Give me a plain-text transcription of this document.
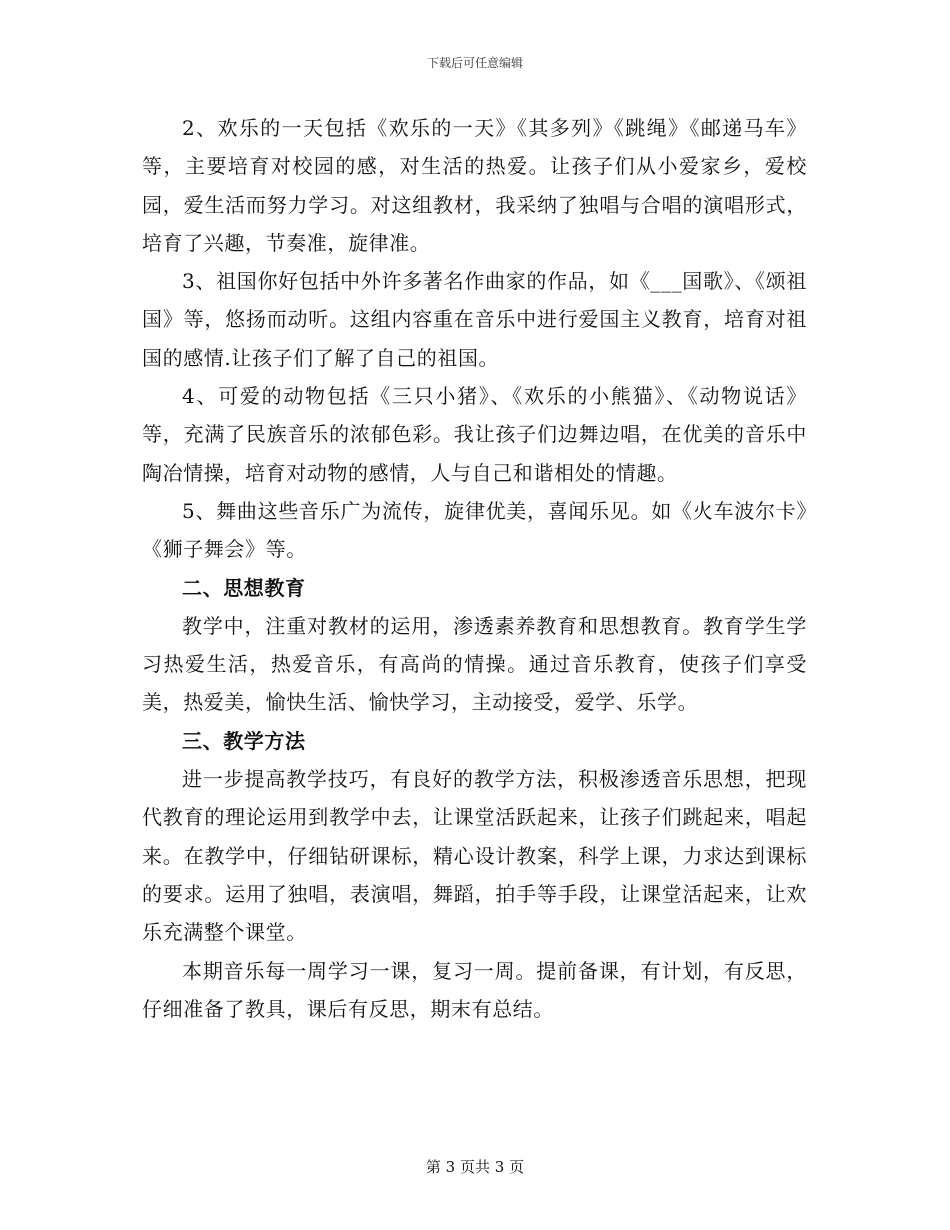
下载后可任意编辑

2、欢乐的一天包括《欢乐的一天》《其多列》《跳绳》《邮递马车》等，主要培育对校园的感，对生活的热爱。让孩子们从小爱家乡，爱校园，爱生活而努力学习。对这组教材，我采纳了独唱与合唱的演唱形式，培育了兴趣，节奏准，旋律准。

3、祖国你好包括中外许多著名作曲家的作品，如《___国歌》、《颂祖国》等，悠扬而动听。这组内容重在音乐中进行爱国主义教育，培育对祖国的感情.让孩子们了解了自己的祖国。

4、可爱的动物包括《三只小猪》、《欢乐的小熊猫》、《动物说话》等，充满了民族音乐的浓郁色彩。我让孩子们边舞边唱，在优美的音乐中陶冶情操，培育对动物的感情，人与自己和谐相处的情趣。

5、舞曲这些音乐广为流传，旋律优美，喜闻乐见。如《火车波尔卡》《狮子舞会》等。

二、思想教育

教学中，注重对教材的运用，渗透素养教育和思想教育。教育学生学习热爱生活，热爱音乐，有高尚的情操。通过音乐教育，使孩子们享受美，热爱美，愉快生活、愉快学习，主动接受，爱学、乐学。

三、教学方法

进一步提高教学技巧，有良好的教学方法，积极渗透音乐思想，把现代教育的理论运用到教学中去，让课堂活跃起来，让孩子们跳起来，唱起来。在教学中，仔细钻研课标，精心设计教案，科学上课，力求达到课标的要求。运用了独唱，表演唱，舞蹈，拍手等手段，让课堂活起来，让欢乐充满整个课堂。

本期音乐每一周学习一课，复习一周。提前备课，有计划，有反思，仔细准备了教具，课后有反思，期末有总结。

第 3 页共 3 页
